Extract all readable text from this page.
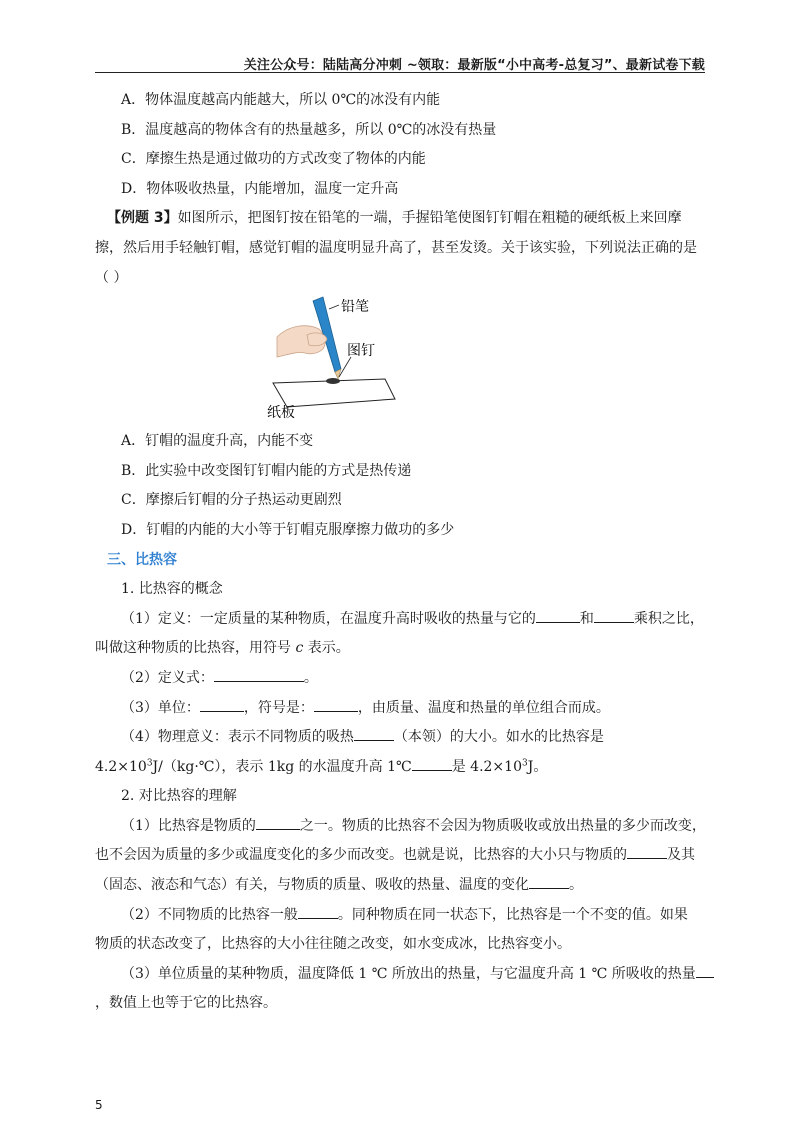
关注公众号：陆陆高分冲刺 ~领取：最新版“小中高考-总复习”、最新试卷下载
A．物体温度越高内能越大，所以 0℃的冰没有内能
B．温度越高的物体含有的热量越多，所以 0℃的冰没有热量
C．摩擦生热是通过做功的方式改变了物体的内能
D．物体吸收热量，内能增加，温度一定升高
【例题 3】如图所示，把图钉按在铅笔的一端，手握铅笔使图钉钉帽在粗糙的硬纸板上来回摩
擦，然后用手轻触钉帽，感觉钉帽的温度明显升高了，甚至发烫。关于该实验，下列说法正确的是
（ ）
铅笔
图钉
纸板
A．钉帽的温度升高，内能不变
B．此实验中改变图钉钉帽内能的方式是热传递
C．摩擦后钉帽的分子热运动更剧烈
D．钉帽的内能的大小等于钉帽克服摩擦力做功的多少
三、比热容
1. 比热容的概念
（1）定义：一定质量的某种物质，在温度升高时吸收的热量与它的	和	乘积之比，
叫做这种物质的比热容，用符号 c 表示。
（2）定义式：	。
（3）单位：	，符号是：	，由质量、温度和热量的单位组合而成。
（4）物理意义：表示不同物质的吸热	（本领）的大小。如水的比热容是
$4.2\times 10^3J/(kg\cdot℃)$，表示 1kg 的水温度升高 1℃	是 $4.2\times 10^3J$。
2. 对比热容的理解
（1）比热容是物质的	之一。物质的比热容不会因为物质吸收或放出热量的多少而改变，
也不会因为质量的多少或温度变化的多少而改变。也就是说，比热容的大小只与物质的	及其
（固态、液态和气态）有关，与物质的质量、吸收的热量、温度的变化	。
（2）不同物质的比热容一般	。同种物质在同一状态下，比热容是一个不变的值。如果
物质的状态改变了，比热容的大小往往随之改变，如水变成冰，比热容变小。
（3）单位质量的某种物质，温度降低 1 ℃ 所放出的热量，与它温度升高 1 ℃ 所吸收的热量
，数值上也等于它的比热容。
5
